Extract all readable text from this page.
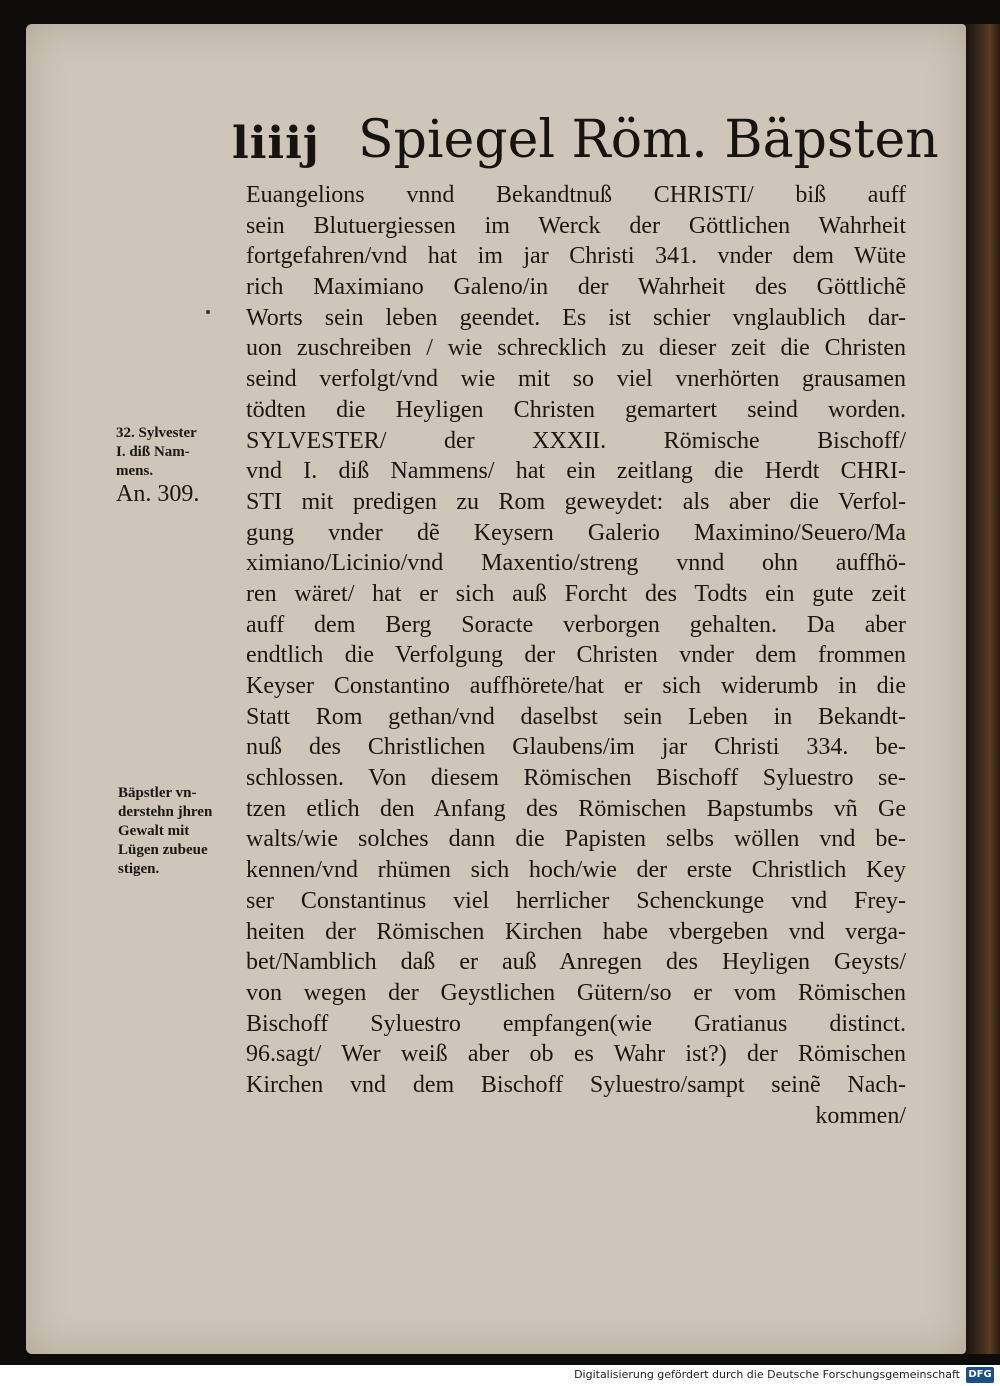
liiij Spiegel Röm. Bäpsten
Euangelions vnnd Bekandtnuß CHRISTI/ biß auff
sein Blutuergiessen im Werck der Göttlichen Wahrheit
fortgefahren/vnd hat im jar Christi 341. vnder dem Wüte
rich Maximiano Galeno/in der Wahrheit des Göttlichẽ
Worts sein leben geendet. Es ist schier vnglaublich dar-
uon zuschreiben / wie schrecklich zu dieser zeit die Christen
seind verfolgt/vnd wie mit so viel vnerhörten grausamen
tödten die Heyligen Christen gemartert seind worden.
SYLVESTER/ der XXXII. Römische Bischoff/
vnd I. diß Nammens/ hat ein zeitlang die Herdt CHRI-
STI mit predigen zu Rom geweydet: als aber die Verfol-
gung vnder dẽ Keysern Galerio Maximino/Seuero/Ma
ximiano/Licinio/vnd Maxentio/streng vnnd ohn auffhö-
ren wäret/ hat er sich auß Forcht des Todts ein gute zeit
auff dem Berg Soracte verborgen gehalten. Da aber
endtlich die Verfolgung der Christen vnder dem frommen
Keyser Constantino auffhörete/hat er sich widerumb in die
Statt Rom gethan/vnd daselbst sein Leben in Bekandt-
nuß des Christlichen Glaubens/im jar Christi 334. be-
schlossen. Von diesem Römischen Bischoff Syluestro se-
tzen etlich den Anfang des Römischen Bapstumbs vñ Ge
walts/wie solches dann die Papisten selbs wöllen vnd be-
kennen/vnd rhümen sich hoch/wie der erste Christlich Key
ser Constantinus viel herrlicher Schenckunge vnd Frey-
heiten der Römischen Kirchen habe vbergeben vnd verga-
bet/Namblich daß er auß Anregen des Heyligen Geysts/
von wegen der Geystlichen Gütern/so er vom Römischen
Bischoff Syluestro empfangen(wie Gratianus distinct.
96.sagt/ Wer weiß aber ob es Wahr ist?) der Römischen
Kirchen vnd dem Bischoff Syluestro/sampt seinẽ Nach-
kommen/
32. Sylvester
I. diß Nam-
mens.
An. 309.
Bäpstler vn-
derstehn jhren
Gewalt mit
Lügen zubeue
stigen.
Digitalisierung gefördert durch die Deutsche Forschungsgemeinschaft DFG
